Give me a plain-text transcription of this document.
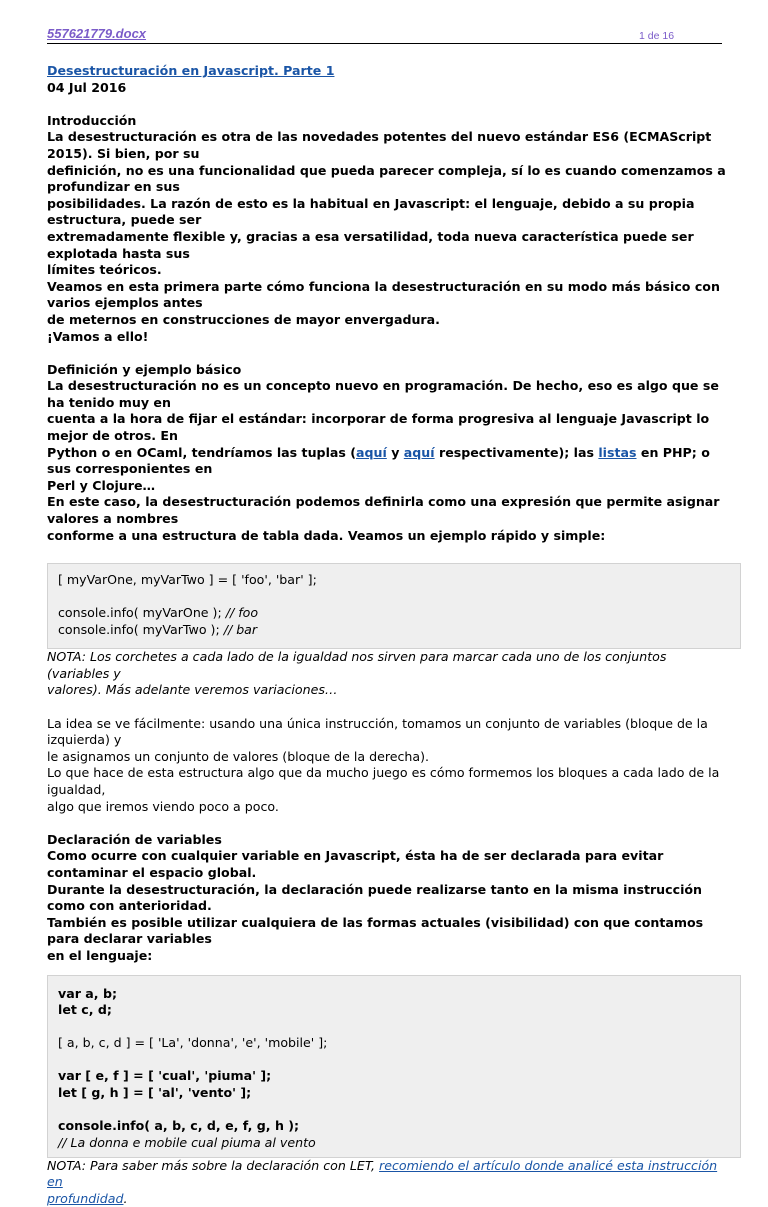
557621779.docx	1 de 16
Desestructuración en Javascript. Parte 1
04 Jul 2016
Introducción
La desestructuración es otra de las novedades potentes del nuevo estándar ES6 (ECMAScript 2015). Si bien, por su
definición, no es una funcionalidad que pueda parecer compleja, sí lo es cuando comenzamos a profundizar en sus
posibilidades. La razón de esto es la habitual en Javascript: el lenguaje, debido a su propia estructura, puede ser
extremadamente flexible y, gracias a esa versatilidad, toda nueva característica puede ser explotada hasta sus
límites teóricos.
Veamos en esta primera parte cómo funciona la desestructuración en su modo más básico con varios ejemplos antes
de meternos en construcciones de mayor envergadura.
¡Vamos a ello!
Definición y ejemplo básico
La desestructuración no es un concepto nuevo en programación. De hecho, eso es algo que se ha tenido muy en
cuenta a la hora de fijar el estándar: incorporar de forma progresiva al lenguaje Javascript lo mejor de otros. En
Python o en OCaml, tendríamos las tuplas (aquí y aquí respectivamente); las listas en PHP; o sus corresponientes en
Perl y Clojure…
En este caso, la desestructuración podemos definirla como una expresión que permite asignar valores a nombres
conforme a una estructura de tabla dada. Veamos un ejemplo rápido y simple:
[ myVarOne, myVarTwo ] = [ 'foo', 'bar' ];
console.info( myVarOne ); // foo
console.info( myVarTwo ); // bar
NOTA: Los corchetes a cada lado de la igualdad nos sirven para marcar cada uno de los conjuntos (variables y
valores). Más adelante veremos variaciones…
La idea se ve fácilmente: usando una única instrucción, tomamos un conjunto de variables (bloque de la izquierda) y
le asignamos un conjunto de valores (bloque de la derecha).
Lo que hace de esta estructura algo que da mucho juego es cómo formemos los bloques a cada lado de la igualdad,
algo que iremos viendo poco a poco.
Declaración de variables
Como ocurre con cualquier variable en Javascript, ésta ha de ser declarada para evitar contaminar el espacio global.
Durante la desestructuración, la declaración puede realizarse tanto en la misma instrucción como con anterioridad.
También es posible utilizar cualquiera de las formas actuales (visibilidad) con que contamos para declarar variables
en el lenguaje:
var a, b;
let c, d;
[ a, b, c, d ] = [ 'La', 'donna', 'e', 'mobile' ];
var [ e, f ] = [ 'cual', 'piuma' ];
let [ g, h ] = [ 'al', 'vento' ];
console.info( a, b, c, d, e, f, g, h );
// La donna e mobile cual piuma al vento
NOTA: Para saber más sobre la declaración con LET, recomiendo el artículo donde analicé esta instrucción en
profundidad.
